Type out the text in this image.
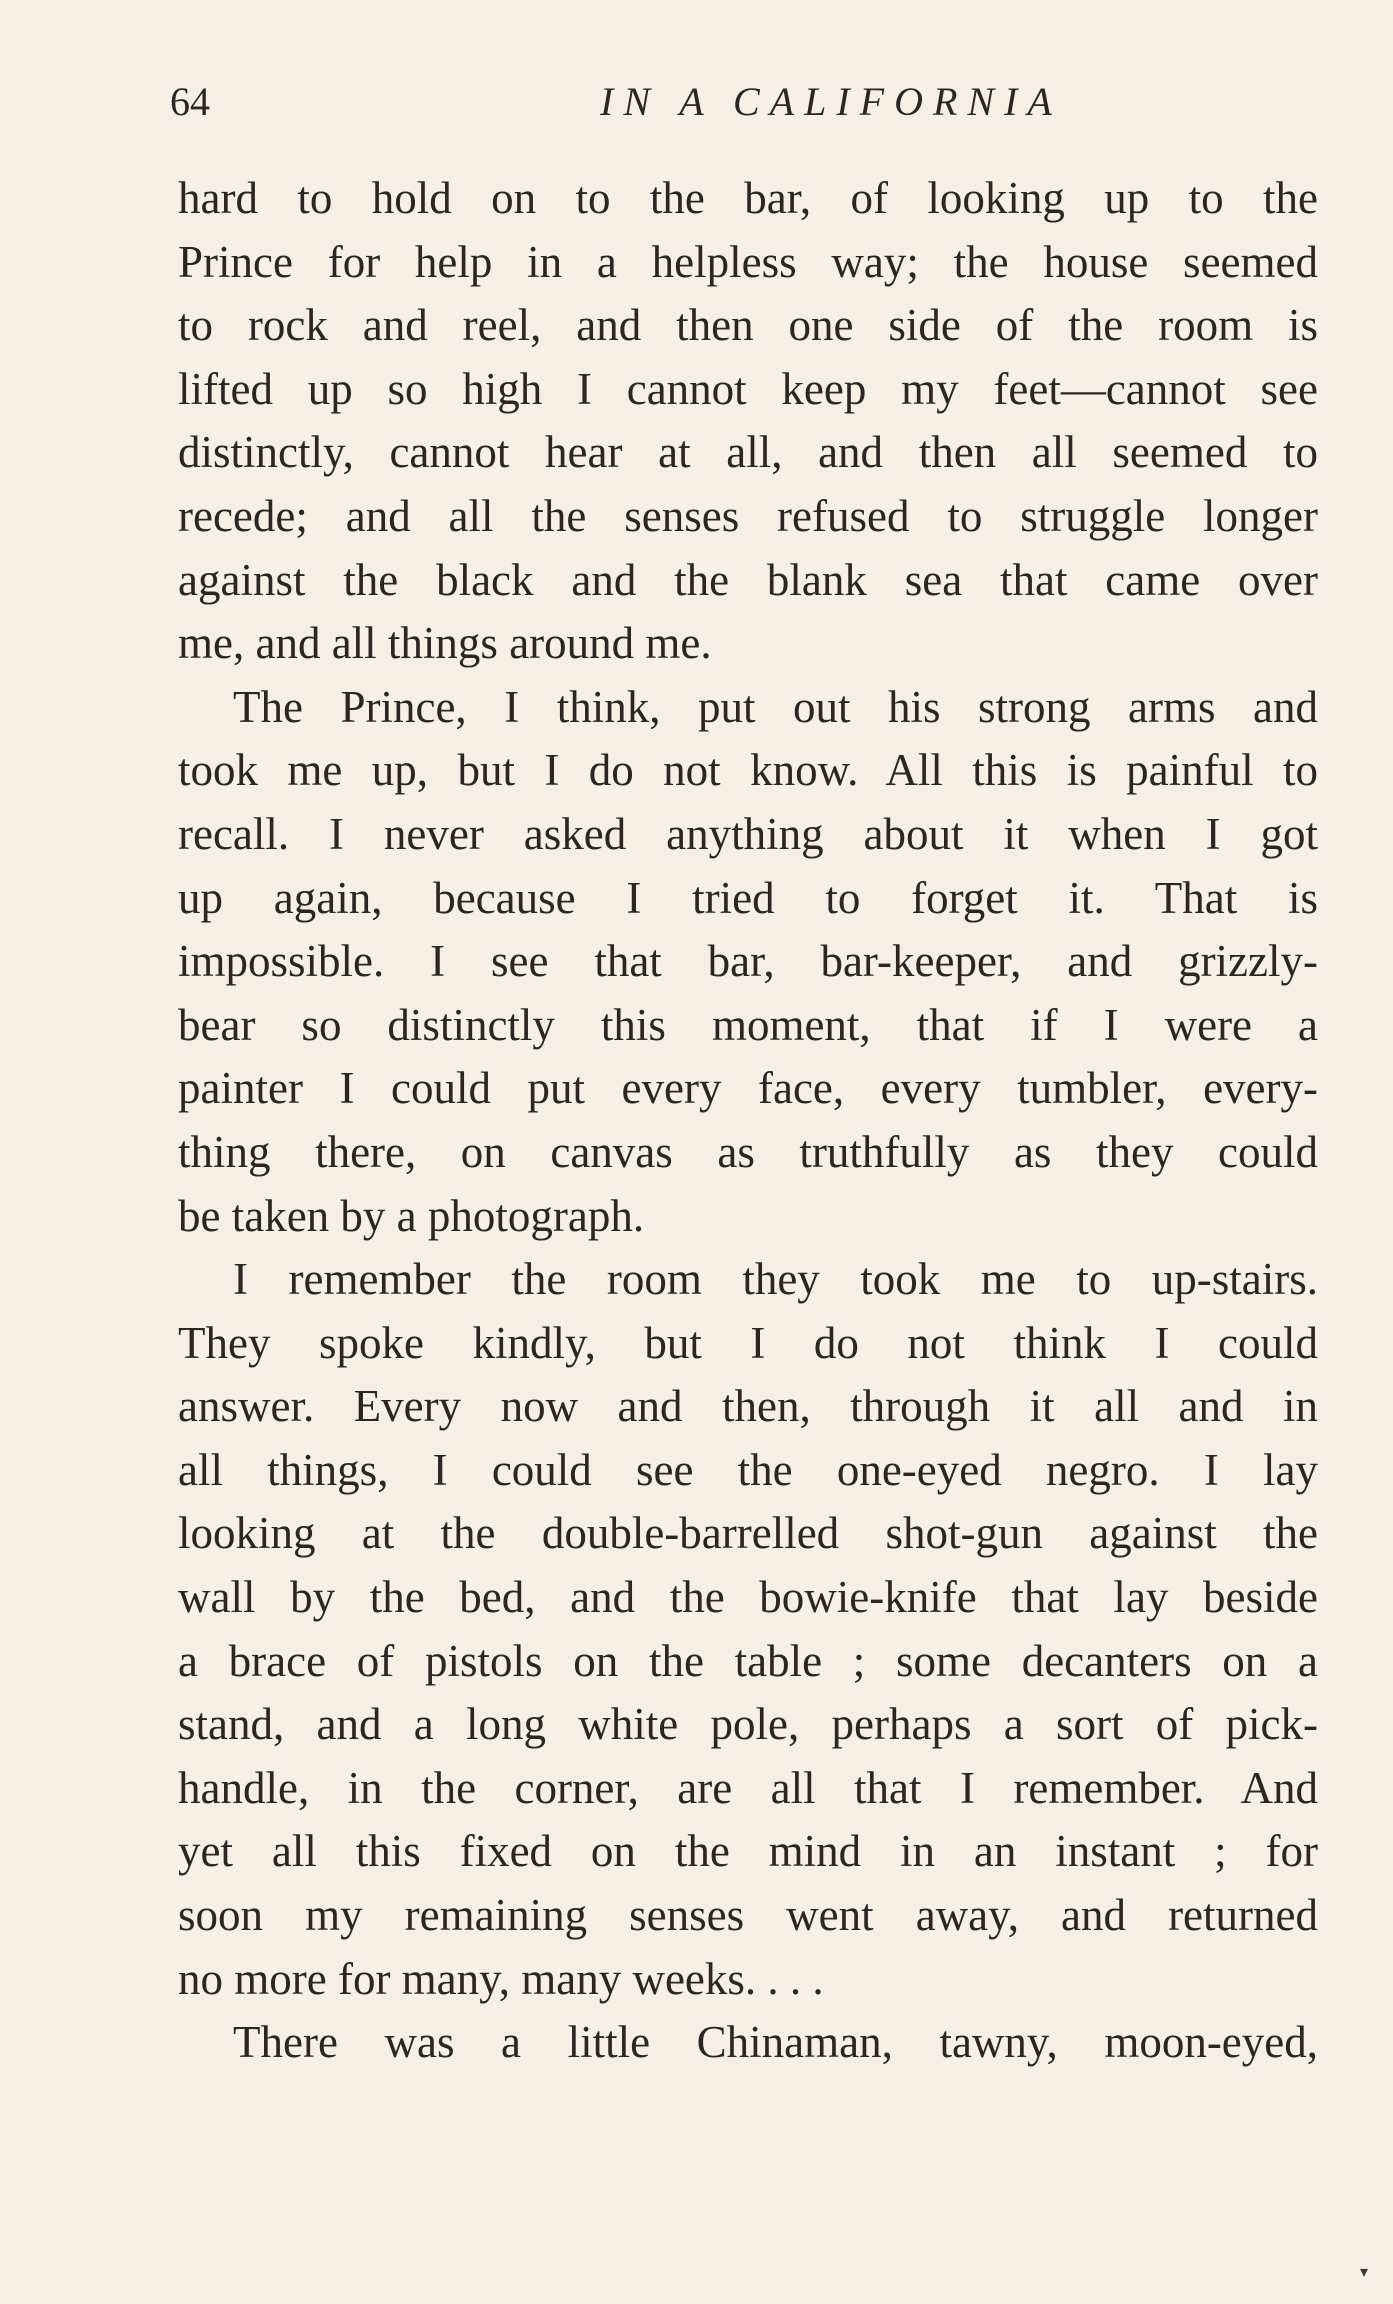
64	IN A CALIFORNIA
hard to hold on to the bar, of looking up to the
Prince for help in a helpless way; the house seemed
to rock and reel, and then one side of the room is
lifted up so high I cannot keep my feet—cannot see
distinctly, cannot hear at all, and then all seemed to
recede; and all the senses refused to struggle longer
against the black and the blank sea that came over
me, and all things around me.
The Prince, I think, put out his strong arms and
took me up, but I do not know. All this is painful to
recall. I never asked anything about it when I got
up again, because I tried to forget it. That is
impossible. I see that bar, bar-keeper, and grizzly-
bear so distinctly this moment, that if I were a
painter I could put every face, every tumbler, every-
thing there, on canvas as truthfully as they could
be taken by a photograph.
I remember the room they took me to up-stairs.
They spoke kindly, but I do not think I could
answer. Every now and then, through it all and in
all things, I could see the one-eyed negro. I lay
looking at the double-barrelled shot-gun against the
wall by the bed, and the bowie-knife that lay beside
a brace of pistols on the table ; some decanters on a
stand, and a long white pole, perhaps a sort of pick-
handle, in the corner, are all that I remember. And
yet all this fixed on the mind in an instant ; for
soon my remaining senses went away, and returned
no more for many, many weeks. . . .
There was a little Chinaman, tawny, moon-eyed,
▾
